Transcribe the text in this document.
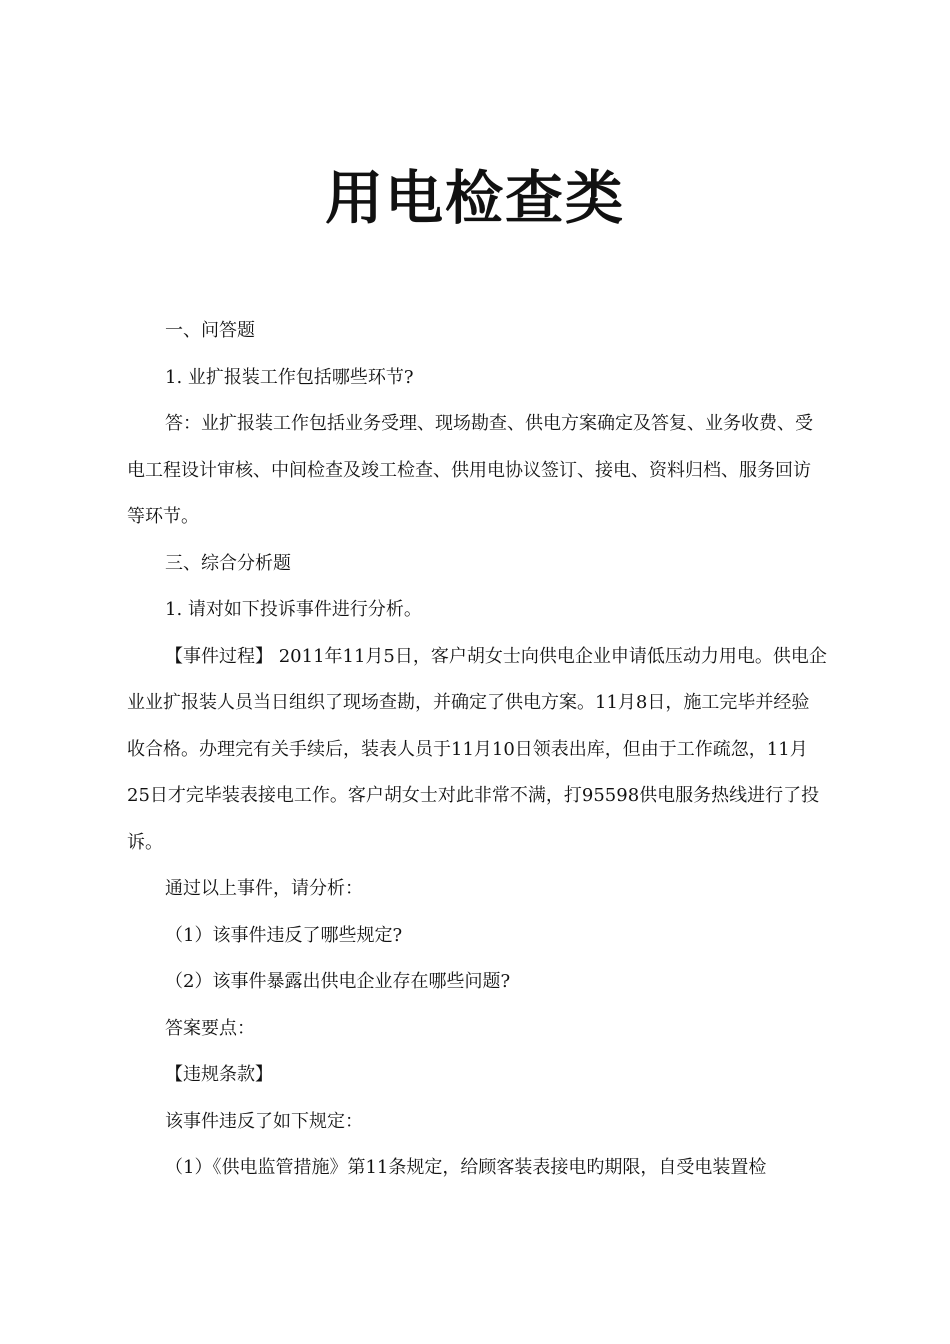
用电检查类

一、问答题

1. 业扩报装工作包括哪些环节?

答：业扩报装工作包括业务受理、现场勘查、供电方案确定及答复、业务收费、受电工程设计审核、中间检查及竣工检查、供用电协议签订、接电、资料归档、服务回访等环节。

三、综合分析题

1. 请对如下投诉事件进行分析。

【事件过程】 2011年11月5日，客户胡女士向供电企业申请低压动力用电。供电企业业扩报装人员当日组织了现场查勘，并确定了供电方案。11月8日，施工完毕并经验收合格。办理完有关手续后，装表人员于11月10日领表出库，但由于工作疏忽，11月25日才完毕装表接电工作。客户胡女士对此非常不满，打95598供电服务热线进行了投诉。

通过以上事件，请分析：

（1）该事件违反了哪些规定?

（2）该事件暴露出供电企业存在哪些问题?

答案要点：

【违规条款】

该事件违反了如下规定：

（1）《供电监管措施》第11条规定，给顾客装表接电旳期限，自受电装置检
